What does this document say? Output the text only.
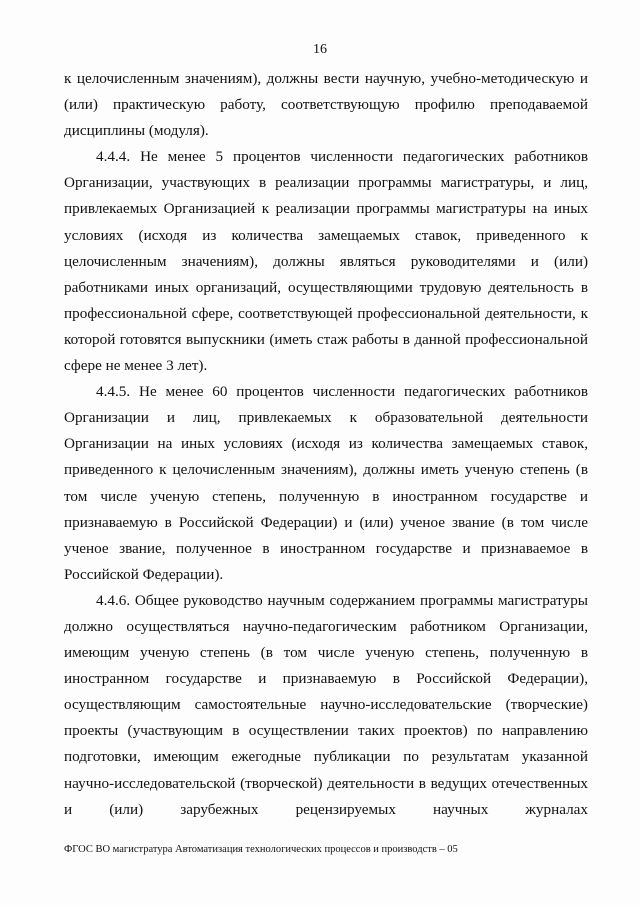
16

к целочисленным значениям), должны вести научную, учебно-методическую и (или) практическую работу, соответствующую профилю преподаваемой дисциплины (модуля).

4.4.4. Не менее 5 процентов численности педагогических работников Организации, участвующих в реализации программы магистратуры, и лиц, привлекаемых Организацией к реализации программы магистратуры на иных условиях (исходя из количества замещаемых ставок, приведенного к целочисленным значениям), должны являться руководителями и (или) работниками иных организаций, осуществляющими трудовую деятельность в профессиональной сфере, соответствующей профессиональной деятельности, к которой готовятся выпускники (иметь стаж работы в данной профессиональной сфере не менее 3 лет).

4.4.5. Не менее 60 процентов численности педагогических работников Организации и лиц, привлекаемых к образовательной деятельности Организации на иных условиях (исходя из количества замещаемых ставок, приведенного к целочисленным значениям), должны иметь ученую степень (в том числе ученую степень, полученную в иностранном государстве и признаваемую в Российской Федерации) и (или) ученое звание (в том числе ученое звание, полученное в иностранном государстве и признаваемое в Российской Федерации).

4.4.6. Общее руководство научным содержанием программы магистратуры должно осуществляться научно-педагогическим работником Организации, имеющим ученую степень (в том числе ученую степень, полученную в иностранном государстве и признаваемую в Российской Федерации), осуществляющим самостоятельные научно-исследовательские (творческие) проекты (участвующим в осуществлении таких проектов) по направлению подготовки, имеющим ежегодные публикации по результатам указанной научно-исследовательской (творческой) деятельности в ведущих отечественных и (или) зарубежных рецензируемых научных журналах

ФГОС ВО магистратура Автоматизация технологических процессов и производств – 05
